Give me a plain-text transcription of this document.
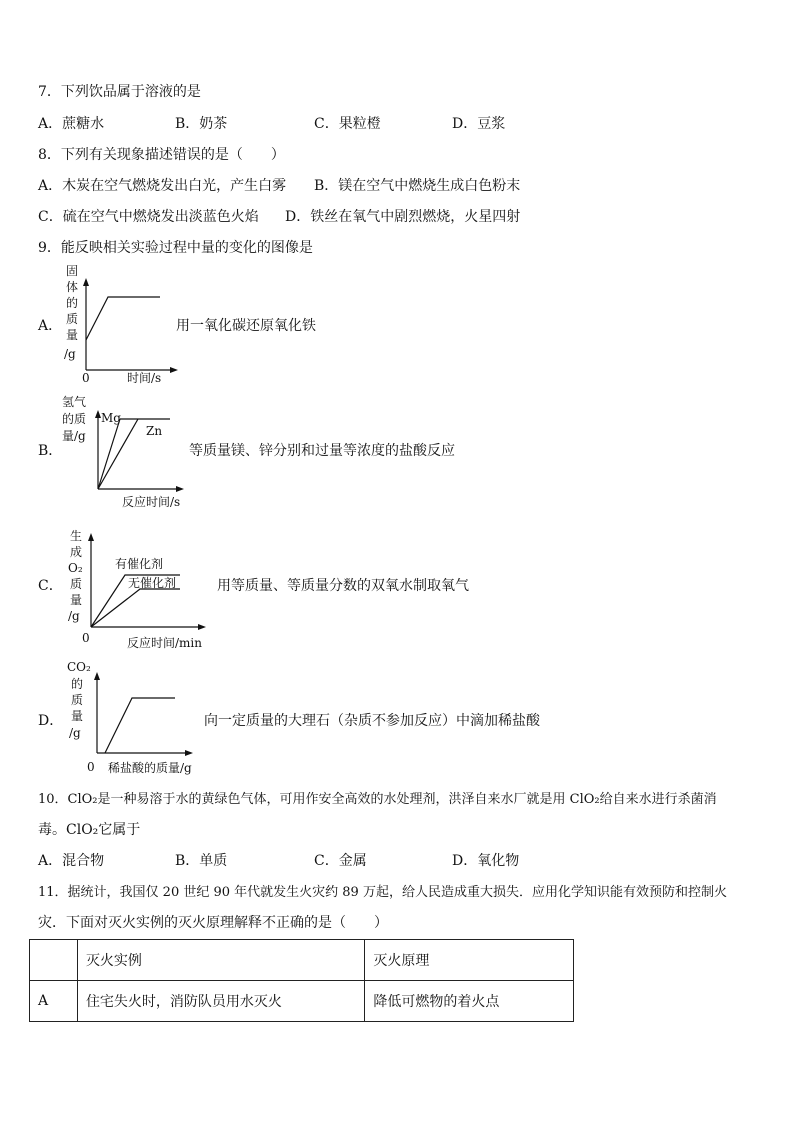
7．下列饮品属于溶液的是
A．蔗糖水	B．奶茶	C．果粒橙	D．豆浆
8．下列有关现象描述错误的是（　　）
A．木炭在空气燃烧发出白光，产生白雾 B．镁在空气中燃烧生成白色粉末
C．硫在空气中燃烧发出淡蓝色火焰 D．铁丝在氧气中剧烈燃烧，火星四射
9．能反映相关实验过程中量的变化的图像是
A．
固
体
的
质
量
/g
0	时间/s
用一氧化碳还原氧化铁
B．
氢气
的质
量/g
Mg
Zn
反应时间/s
等质量镁、锌分别和过量等浓度的盐酸反应
C．
生
成
O₂
质
量
/g
有催化剂
无催化剂
0	反应时间/min
用等质量、等质量分数的双氧水制取氧气
D．
CO₂
的
质
量
/g
0 稀盐酸的质量/g
向一定质量的大理石（杂质不参加反应）中滴加稀盐酸
10．ClO₂是一种易溶于水的黄绿色气体，可用作安全高效的水处理剂，洪泽自来水厂就是用 ClO₂给自来水进行杀菌消
毒。ClO₂它属于
A．混合物	B．单质	C．金属	D．氧化物
11．据统计，我国仅 20 世纪 90 年代就发生火灾约 89 万起，给人民造成重大损失．应用化学知识能有效预防和控制火
灾．下面对灭火实例的灭火原理解释不正确的是（　　）
	灭火实例	灭火原理
A	住宅失火时，消防队员用水灭火	降低可燃物的着火点
